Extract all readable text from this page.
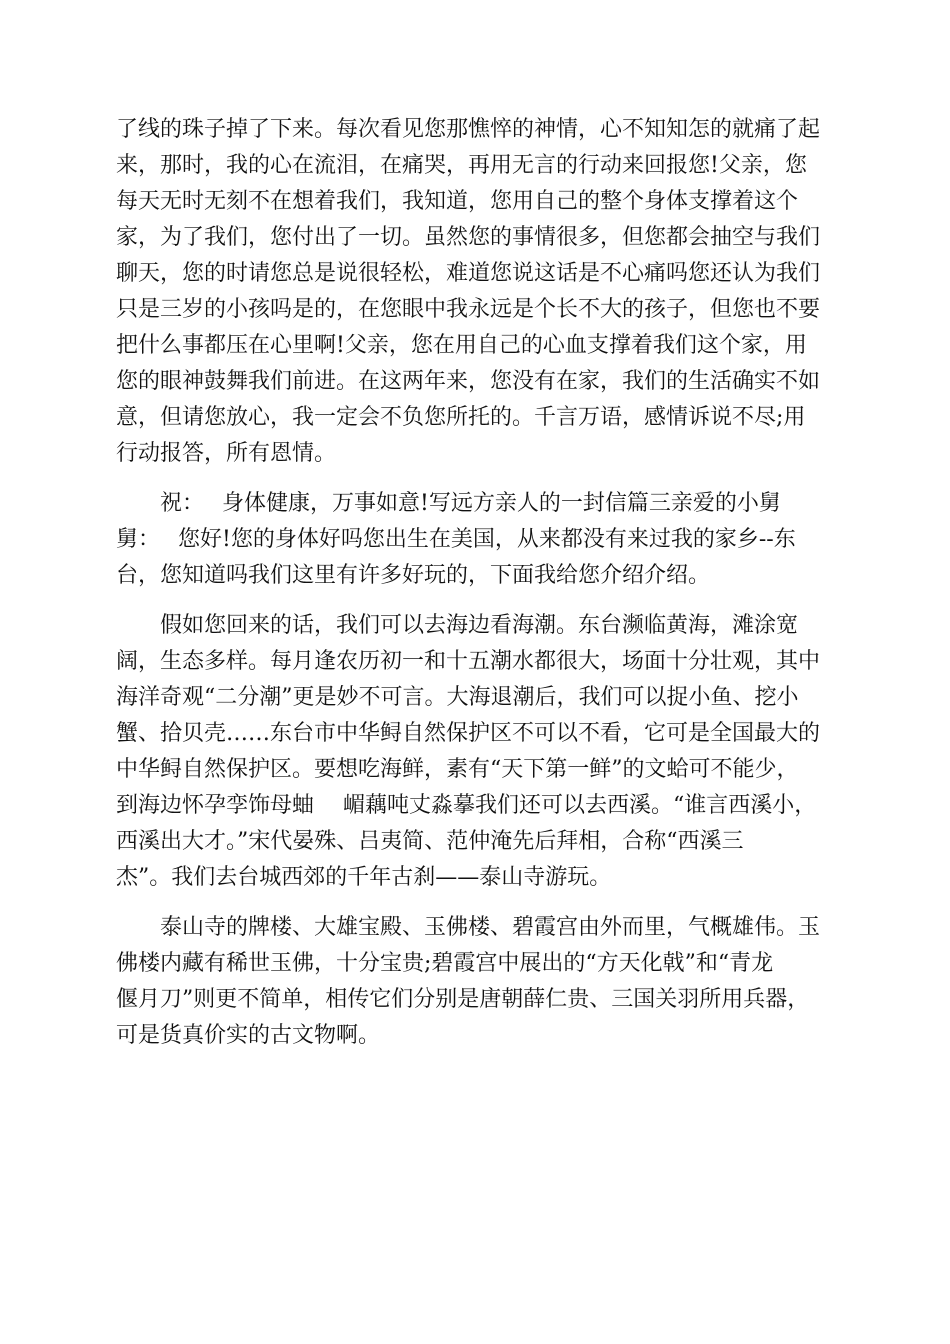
了线的珠子掉了下来。每次看见您那憔悴的神情，心不知知怎的就痛了起
来，那时，我的心在流泪，在痛哭，再用无言的行动来回报您!父亲，您
每天无时无刻不在想着我们，我知道，您用自己的整个身体支撑着这个
家，为了我们，您付出了一切。虽然您的事情很多，但您都会抽空与我们
聊天，您的时请您总是说很轻松，难道您说这话是不心痛吗您还认为我们
只是三岁的小孩吗是的，在您眼中我永远是个长不大的孩子，但您也不要
把什么事都压在心里啊!父亲，您在用自己的心血支撑着我们这个家，用
您的眼神鼓舞我们前进。在这两年来，您没有在家，我们的生活确实不如
意，但请您放心，我一定会不负您所托的。千言万语，感情诉说不尽;用
行动报答，所有恩情。
　　祝：　 身体健康，万事如意!写远方亲人的一封信篇三亲爱的小舅
舅：　 您好!您的身体好吗您出生在美国，从来都没有来过我的家乡--东
台，您知道吗我们这里有许多好玩的，下面我给您介绍介绍。
　　假如您回来的话，我们可以去海边看海潮。东台濒临黄海，滩涂宽
阔，生态多样。每月逢农历初一和十五潮水都很大，场面十分壮观，其中
海洋奇观“二分潮”更是妙不可言。大海退潮后，我们可以捉小鱼、挖小
蟹、拾贝壳……东台市中华鲟自然保护区不可以不看，它可是全国最大的
中华鲟自然保护区。要想吃海鲜，素有“天下第一鲜”的文蛤可不能少，
到海边怀孕孪饰母蚰　 嵋藕吨丈淼摹我们还可以去西溪。“谁言西溪小，
西溪出大才。”宋代晏殊、吕夷简、范仲淹先后拜相，合称“西溪三
杰”。我们去台城西郊的千年古刹——泰山寺游玩。
　　泰山寺的牌楼、大雄宝殿、玉佛楼、碧霞宫由外而里，气概雄伟。玉
佛楼内藏有稀世玉佛，十分宝贵;碧霞宫中展出的“方天化戟”和“青龙
偃月刀”则更不简单，相传它们分别是唐朝薛仁贵、三国关羽所用兵器，
可是货真价实的古文物啊。
